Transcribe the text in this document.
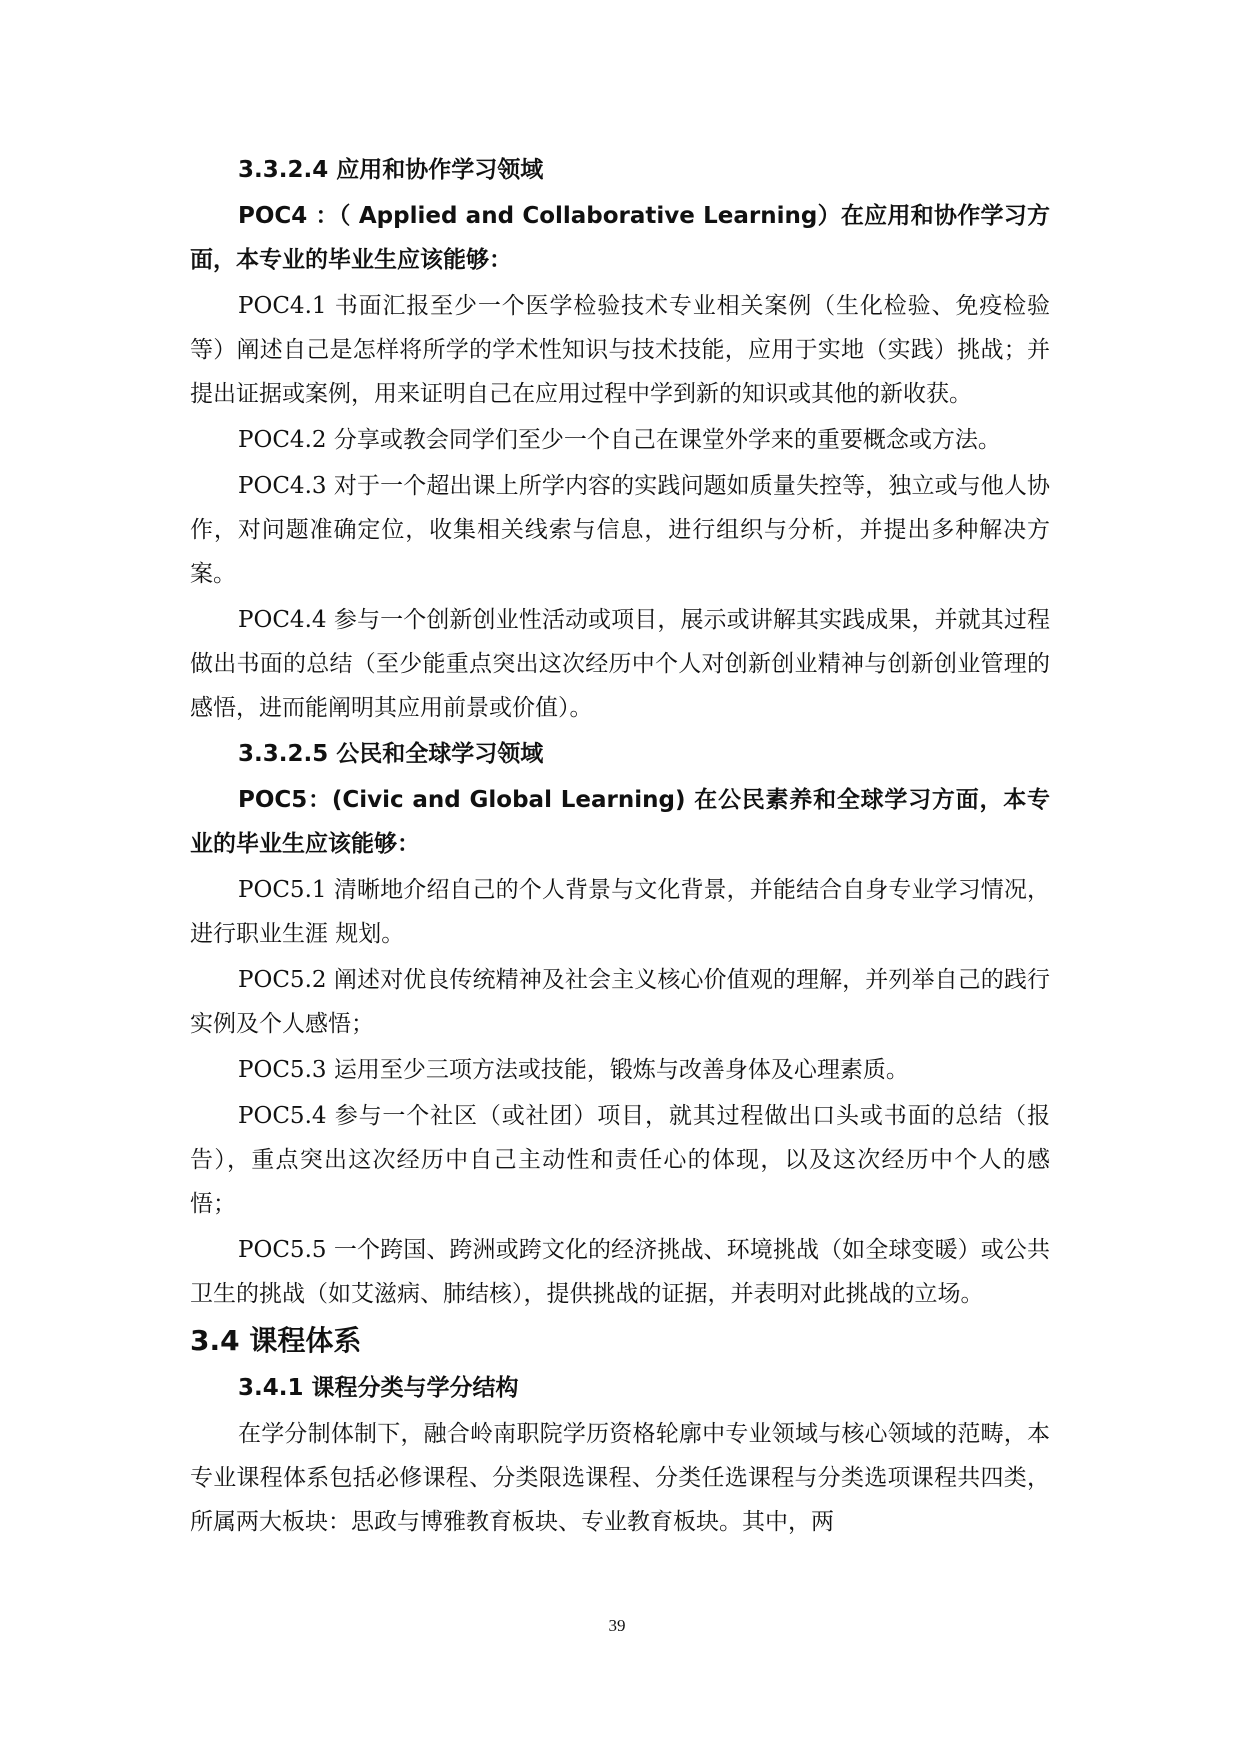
3.3.2.4 应用和协作学习领域

POC4 ：（ Applied and Collaborative Learning）在应用和协作学习方面，本专业的毕业生应该能够：

POC4.1 书面汇报至少一个医学检验技术专业相关案例（生化检验、免疫检验等）阐述自己是怎样将所学的学术性知识与技术技能，应用于实地（实践）挑战；并提出证据或案例，用来证明自己在应用过程中学到新的知识或其他的新收获。

POC4.2 分享或教会同学们至少一个自己在课堂外学来的重要概念或方法。

POC4.3 对于一个超出课上所学内容的实践问题如质量失控等，独立或与他人协作，对问题准确定位，收集相关线索与信息，进行组织与分析，并提出多种解决方案。

POC4.4 参与一个创新创业性活动或项目，展示或讲解其实践成果，并就其过程做出书面的总结（至少能重点突出这次经历中个人对创新创业精神与创新创业管理的感悟，进而能阐明其应用前景或价值）。

3.3.2.5 公民和全球学习领域

POC5：(Civic and Global Learning) 在公民素养和全球学习方面，本专业的毕业生应该能够：

POC5.1 清晰地介绍自己的个人背景与文化背景，并能结合自身专业学习情况，进行职业生涯 规划。

POC5.2 阐述对优良传统精神及社会主义核心价值观的理解，并列举自己的践行实例及个人感悟；

POC5.3 运用至少三项方法或技能，锻炼与改善身体及心理素质。

POC5.4 参与一个社区（或社团）项目，就其过程做出口头或书面的总结（报告），重点突出这次经历中自己主动性和责任心的体现，以及这次经历中个人的感悟；

POC5.5 一个跨国、跨洲或跨文化的经济挑战、环境挑战（如全球变暖）或公共卫生的挑战（如艾滋病、肺结核），提供挑战的证据，并表明对此挑战的立场。

3.4 课程体系
3.4.1 课程分类与学分结构

在学分制体制下，融合岭南职院学历资格轮廓中专业领域与核心领域的范畴，本专业课程体系包括必修课程、分类限选课程、分类任选课程与分类选项课程共四类，所属两大板块：思政与博雅教育板块、专业教育板块。其中，两

39
